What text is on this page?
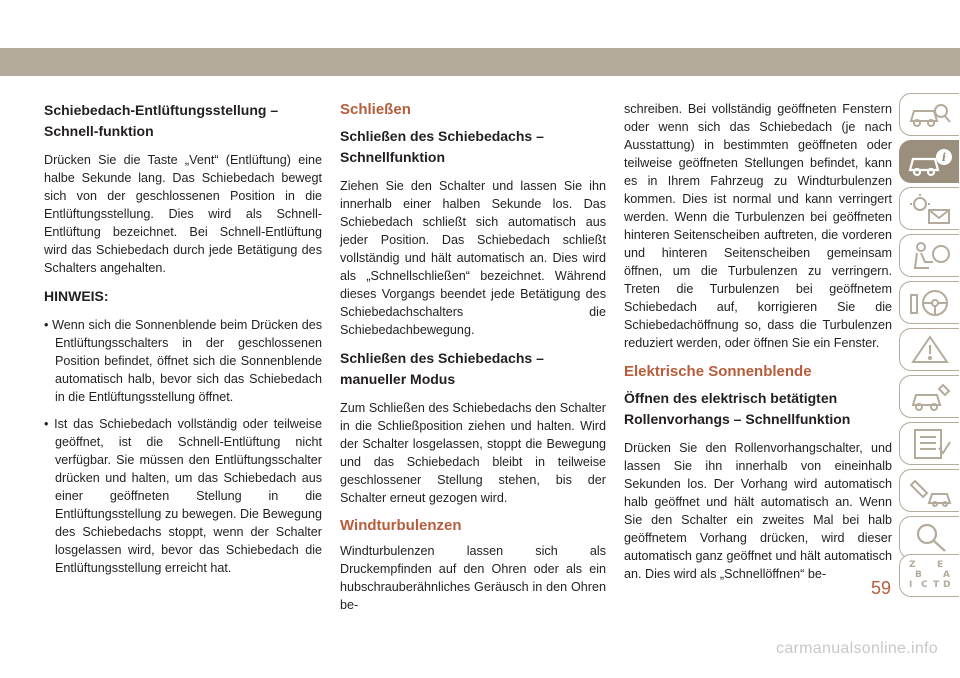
Schiebedach-Entlüftungsstellung – Schnell-funktion
Drücken Sie die Taste „Vent“ (Entlüftung) eine halbe Sekunde lang. Das Schiebedach bewegt sich von der geschlossenen Position in die Entlüftungsstellung. Dies wird als Schnell-Entlüftung bezeichnet. Bei Schnell-Entlüftung wird das Schiebedach durch jede Betätigung des Schalters angehalten.
HINWEIS:
• Wenn sich die Sonnenblende beim Drücken des Entlüftungsschalters in der geschlossenen Position befindet, öffnet sich die Sonnenblende automatisch halb, bevor sich das Schiebedach in die Entlüftungsstellung öffnet.
• Ist das Schiebedach vollständig oder teilweise geöffnet, ist die Schnell-Entlüftung nicht verfügbar. Sie müssen den Entlüftungsschalter drücken und halten, um das Schiebedach aus einer geöffneten Stellung in die Entlüftungsstellung zu bewegen. Die Bewegung des Schiebedachs stoppt, wenn der Schalter losgelassen wird, bevor das Schiebedach die Entlüftungsstellung erreicht hat.
Schließen
Schließen des Schiebedachs – Schnellfunktion
Ziehen Sie den Schalter und lassen Sie ihn innerhalb einer halben Sekunde los. Das Schiebedach schließt sich automatisch aus jeder Position. Das Schiebedach schließt vollständig und hält automatisch an. Dies wird als „Schnellschließen“ bezeichnet. Während dieses Vorgangs beendet jede Betätigung des Schiebedachschalters die Schiebedachbewegung.
Schließen des Schiebedachs – manueller Modus
Zum Schließen des Schiebedachs den Schalter in die Schließposition ziehen und halten. Wird der Schalter losgelassen, stoppt die Bewegung und das Schiebedach bleibt in teilweise geschlossener Stellung stehen, bis der Schalter erneut gezogen wird.
Windturbulenzen
Windturbulenzen lassen sich als Druckempfinden auf den Ohren oder als ein hubschrauberähnliches Geräusch in den Ohren be-
schreiben. Bei vollständig geöffneten Fenstern oder wenn sich das Schiebedach (je nach Ausstattung) in bestimmten geöffneten oder teilweise geöffneten Stellungen befindet, kann es in Ihrem Fahrzeug zu Windturbulenzen kommen. Dies ist normal und kann verringert werden. Wenn die Turbulenzen bei geöffneten hinteren Seitenscheiben auftreten, die vorderen und hinteren Seitenscheiben gemeinsam öffnen, um die Turbulenzen zu verringern. Treten die Turbulenzen bei geöffnetem Schiebedach auf, korrigieren Sie die Schiebedachöffnung so, dass die Turbulenzen reduziert werden, oder öffnen Sie ein Fenster.
Elektrische Sonnenblende
Öffnen des elektrisch betätigten Rollenvorhangs – Schnellfunktion
Drücken Sie den Rollenvorhangschalter, und lassen Sie ihn innerhalb von eineinhalb Sekunden los. Der Vorhang wird automatisch halb geöffnet und hält automatisch an. Wenn Sie den Schalter ein zweites Mal bei halb geöffnetem Vorhang drücken, wird dieser automatisch ganz geöffnet und hält automatisch an. Dies wird als „Schnellöffnen“ be-
i
Z E
B A
I C T D
59
carmanualsonline.info
